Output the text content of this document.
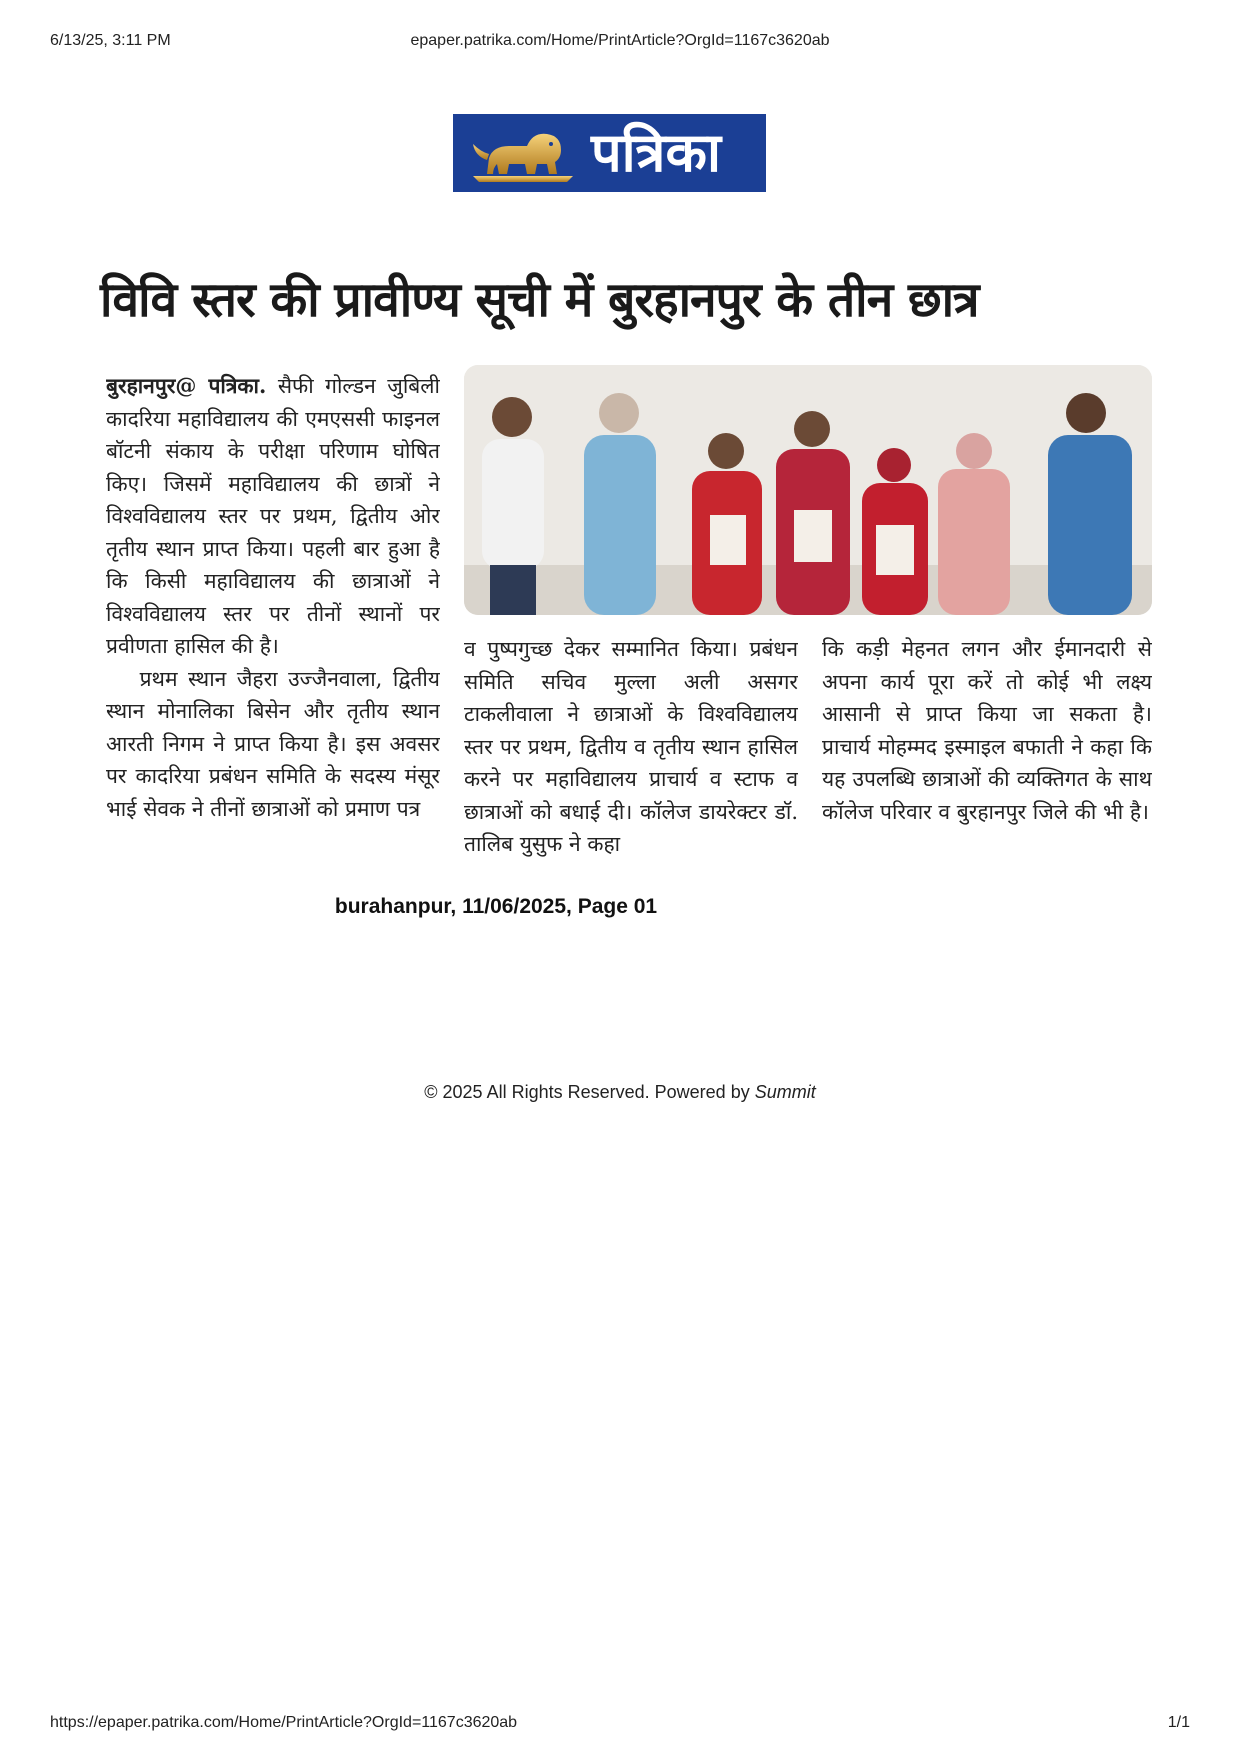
6/13/25, 3:11 PM	epaper.patrika.com/Home/PrintArticle?OrgId=1167c3620ab
पत्रिका
विवि स्तर की प्रावीण्य सूची में बुरहानपुर के तीन छात्र

बुरहानपुर@ पत्रिका. सैफी गोल्डन जुबिली कादरिया महाविद्यालय की एमएससी फाइनल बॉटनी संकाय के परीक्षा परिणाम घोषित किए। जिसमें महाविद्यालय की छात्रों ने विश्वविद्यालय स्तर पर प्रथम, द्वितीय ओर तृतीय स्थान प्राप्त किया। पहली बार हुआ है कि किसी महाविद्यालय की छात्राओं ने विश्वविद्यालय स्तर पर तीनों स्थानों पर प्रवीणता हासिल की है।

प्रथम स्थान जैहरा उज्जैनवाला, द्वितीय स्थान मोनालिका बिसेन और तृतीय स्थान आरती निगम ने प्राप्त किया है। इस अवसर पर कादरिया प्रबंधन समिति के सदस्य मंसूर भाई सेवक ने तीनों छात्राओं को प्रमाण पत्र

व पुष्पगुच्छ देकर सम्मानित किया। प्रबंधन समिति सचिव मुल्ला अली असगर टाकलीवाला ने छात्राओं के विश्वविद्यालय स्तर पर प्रथम, द्वितीय व तृतीय स्थान हासिल करने पर महाविद्यालय प्राचार्य व स्टाफ व छात्राओं को बधाई दी। कॉलेज डायरेक्टर डॉ. तालिब युसुफ ने कहा

कि कड़ी मेहनत लगन और ईमानदारी से अपना कार्य पूरा करें तो कोई भी लक्ष्य आसानी से प्राप्त किया जा सकता है। प्राचार्य मोहम्मद इस्माइल बफाती ने कहा कि यह उपलब्धि छात्राओं की व्यक्तिगत के साथ कॉलेज परिवार व बुरहानपुर जिले की भी है।

burahanpur, 11/06/2025, Page 01
© 2025 All Rights Reserved. Powered by Summit
https://epaper.patrika.com/Home/PrintArticle?OrgId=1167c3620ab	1/1
